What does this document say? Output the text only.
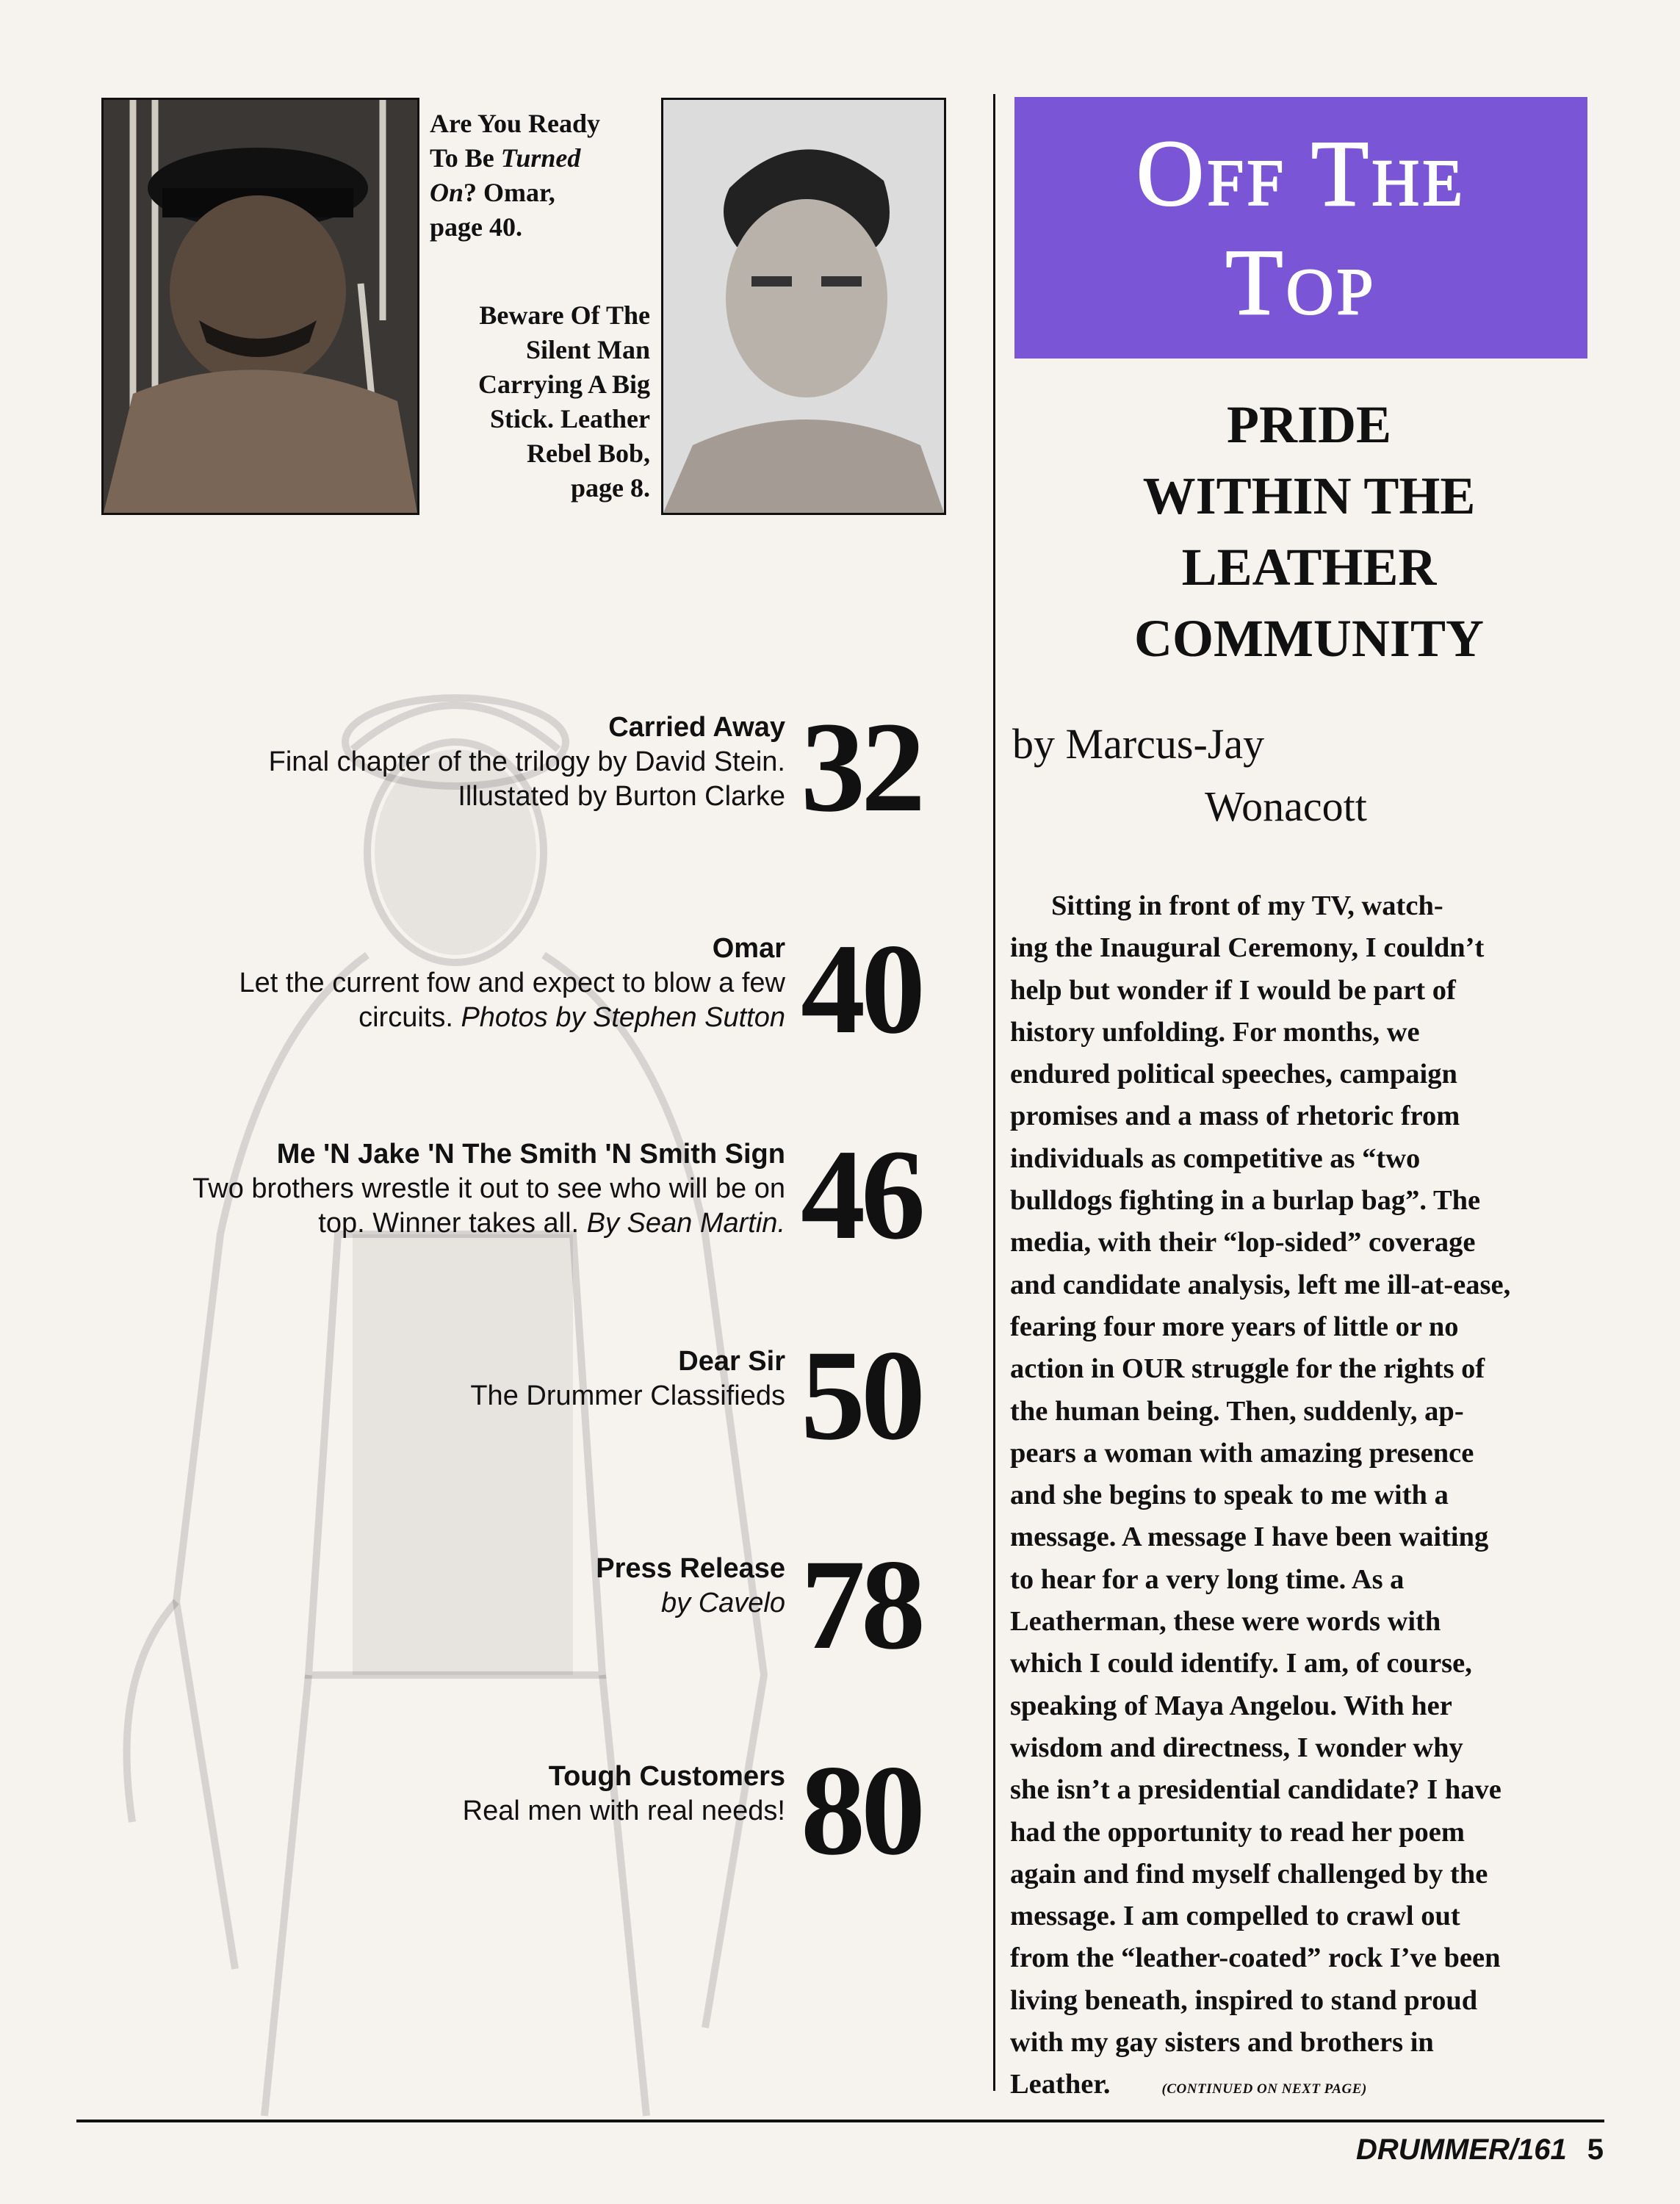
Are You Ready
To Be Turned
On? Omar,
page 40.
Beware Of The
Silent Man
Carrying A Big
Stick. Leather
Rebel Bob,
page 8.
Off The
Top
PRIDE
WITHIN THE
LEATHER
COMMUNITY
by Marcus-Jay
Wonacott
Sitting in front of my TV, watch-
ing the Inaugural Ceremony, I couldn’t
help but wonder if I would be part of
history unfolding. For months, we
endured political speeches, campaign
promises and a mass of rhetoric from
individuals as competitive as “two
bulldogs fighting in a burlap bag”. The
media, with their “lop-sided” coverage
and candidate analysis, left me ill-at-ease,
fearing four more years of little or no
action in OUR struggle for the rights of
the human being. Then, suddenly, ap-
pears a woman with amazing presence
and she begins to speak to me with a
message. A message I have been waiting
to hear for a very long time. As a
Leatherman, these were words with
which I could identify. I am, of course,
speaking of Maya Angelou. With her
wisdom and directness, I wonder why
she isn’t a presidential candidate? I have
had the opportunity to read her poem
again and find myself challenged by the
message. I am compelled to crawl out
from the “leather-coated” rock I’ve been
living beneath, inspired to stand proud
with my gay sisters and brothers in
Leather.	(CONTINUED ON NEXT PAGE)
Carried Away
Final chapter of the trilogy by David Stein.
Illustated by Burton Clarke 32
Omar
Let the current fow and expect to blow a few
circuits. Photos by Stephen Sutton 40
Me 'N Jake 'N The Smith 'N Smith Sign
Two brothers wrestle it out to see who will be on
top. Winner takes all. By Sean Martin. 46
Dear Sir
The Drummer Classifieds 50
Press Release
by Cavelo 78
Tough Customers
Real men with real needs! 80
DRUMMER/161 5
